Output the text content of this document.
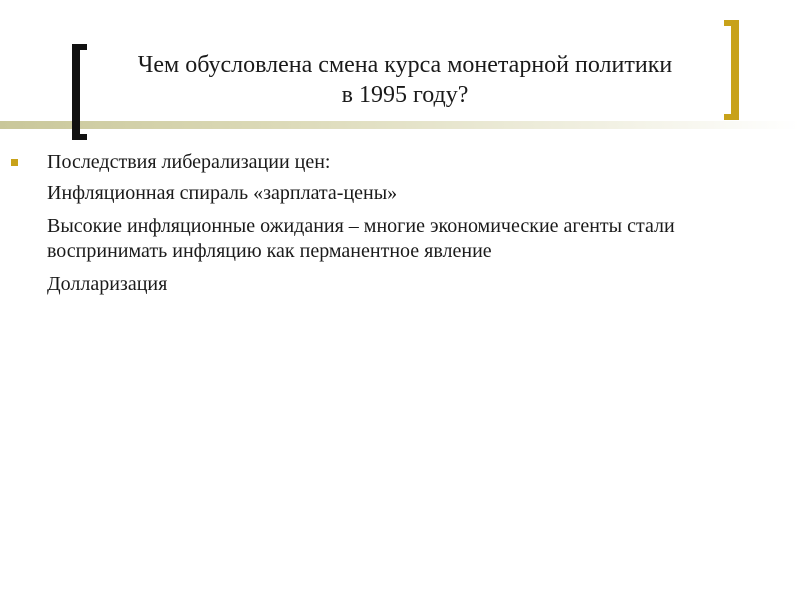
Чем обусловлена смена курса монетарной политики
в 1995 году?
Последствия либерализации цен:
Инфляционная спираль «зарплата-цены»
Высокие инфляционные ожидания – многие экономические агенты стали воспринимать инфляцию как перманентное явление
Долларизация
